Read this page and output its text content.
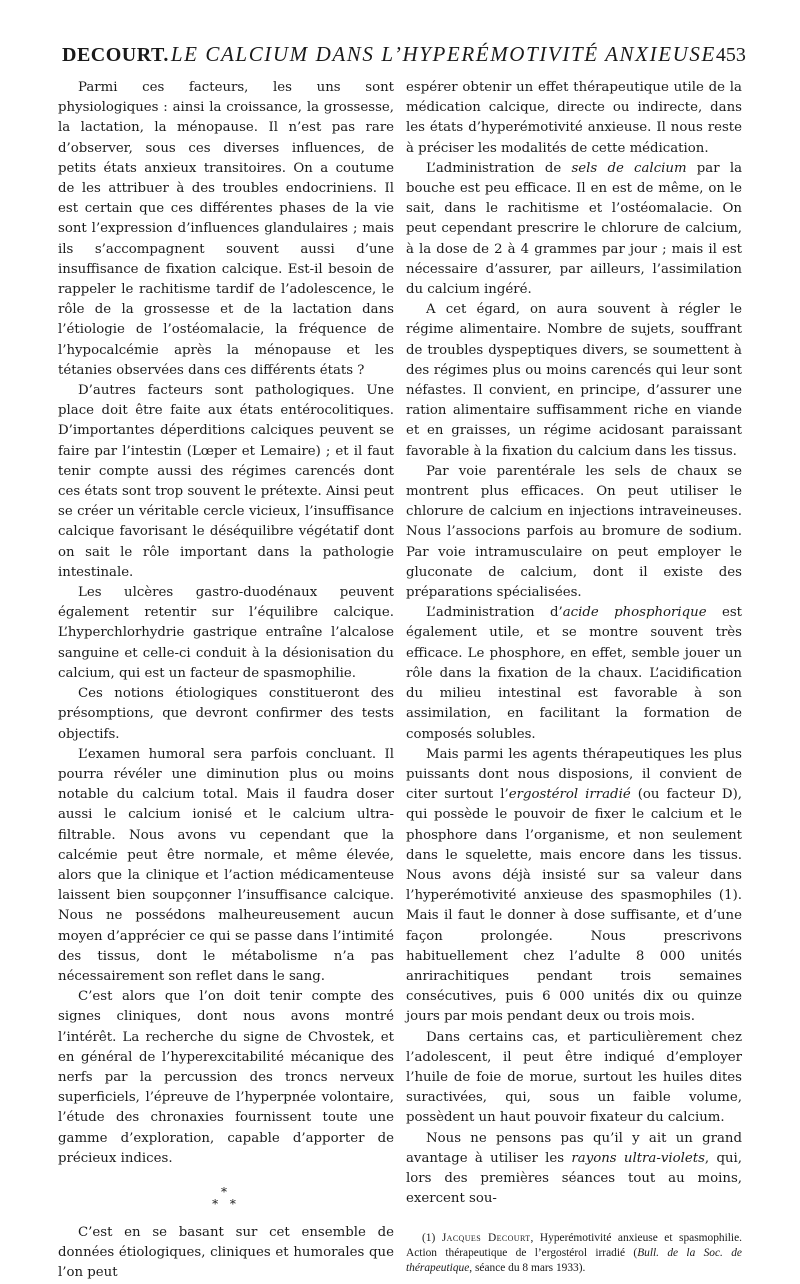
DECOURT. LE CALCIUM DANS L’HYPERÉMOTIVITÉ ANXIEUSE 453

Parmi ces facteurs, les uns sont physiologiques : ainsi la croissance, la grossesse, la lactation, la ménopause. Il n’est pas rare d’observer, sous ces diverses influences, de petits états anxieux transitoires. On a coutume de les attribuer à des troubles endocriniens. Il est certain que ces différentes phases de la vie sont l’expression d’influences glandulaires ; mais ils s’accompagnent souvent aussi d’une insuffisance de fixation calcique. Est-il besoin de rappeler le rachitisme tardif de l’adolescence, le rôle de la grossesse et de la lactation dans l’étiologie de l’ostéomalacie, la fréquence de l’hypocalcémie après la ménopause et les tétanies observées dans ces différents états ?

D’autres facteurs sont pathologiques. Une place doit être faite aux états entérocolitiques. D’importantes déperditions calciques peuvent se faire par l’intestin (Lœper et Lemaire) ; et il faut tenir compte aussi des régimes carencés dont ces états sont trop souvent le prétexte. Ainsi peut se créer un véritable cercle vicieux, l’insuffisance calcique favorisant le déséquilibre végétatif dont on sait le rôle important dans la pathologie intestinale.

Les ulcères gastro-duodénaux peuvent également retentir sur l’équilibre calcique. L’hyperchlorhydrie gastrique entraîne l’alcalose sanguine et celle-ci conduit à la désionisation du calcium, qui est un facteur de spasmophilie.

Ces notions étiologiques constitueront des présomptions, que devront confirmer des tests objectifs.

L’examen humoral sera parfois concluant. Il pourra révéler une diminution plus ou moins notable du calcium total. Mais il faudra doser aussi le calcium ionisé et le calcium ultra-filtrable. Nous avons vu cependant que la calcémie peut être normale, et même élevée, alors que la clinique et l’action médicamenteuse laissent bien soupçonner l’insuffisance calcique. Nous ne possédons malheureusement aucun moyen d’apprécier ce qui se passe dans l’intimité des tissus, dont le métabolisme n’a pas nécessairement son reflet dans le sang.

C’est alors que l’on doit tenir compte des signes cliniques, dont nous avons montré l’intérêt. La recherche du signe de Chvostek, et en général de l’hyperexcitabilité mécanique des nerfs par la percussion des troncs nerveux superficiels, l’épreuve de l’hyperpnée volontaire, l’étude des chronaxies fournissent toute une gamme d’exploration, capable d’apporter de précieux indices.

*
* *

C’est en se basant sur cet ensemble de données étiologiques, cliniques et humorales que l’on peut

espérer obtenir un effet thérapeutique utile de la médication calcique, directe ou indirecte, dans les états d’hyperémotivité anxieuse. Il nous reste à préciser les modalités de cette médication.

L’administration de sels de calcium par la bouche est peu efficace. Il en est de même, on le sait, dans le rachitisme et l’ostéomalacie. On peut cependant prescrire le chlorure de calcium, à la dose de 2 à 4 grammes par jour ; mais il est nécessaire d’assurer, par ailleurs, l’assimilation du calcium ingéré.

A cet égard, on aura souvent à régler le régime alimentaire. Nombre de sujets, souffrant de troubles dyspeptiques divers, se soumettent à des régimes plus ou moins carencés qui leur sont néfastes. Il convient, en principe, d’assurer une ration alimentaire suffisamment riche en viande et en graisses, un régime acidosant paraissant favorable à la fixation du calcium dans les tissus.

Par voie parentérale les sels de chaux se montrent plus efficaces. On peut utiliser le chlorure de calcium en injections intraveineuses. Nous l’associons parfois au bromure de sodium. Par voie intramusculaire on peut employer le gluconate de calcium, dont il existe des préparations spécialisées.

L’administration d’acide phosphorique est également utile, et se montre souvent très efficace. Le phosphore, en effet, semble jouer un rôle dans la fixation de la chaux. L’acidification du milieu intestinal est favorable à son assimilation, en facilitant la formation de composés solubles.

Mais parmi les agents thérapeutiques les plus puissants dont nous disposions, il convient de citer surtout l’ergostérol irradié (ou facteur D), qui possède le pouvoir de fixer le calcium et le phosphore dans l’organisme, et non seulement dans le squelette, mais encore dans les tissus. Nous avons déjà insisté sur sa valeur dans l’hyperémotivité anxieuse des spasmophiles (1). Mais il faut le donner à dose suffisante, et d’une façon prolongée. Nous prescrivons habituellement chez l’adulte 8 000 unités anrirachitiques pendant trois semaines consécutives, puis 6 000 unités dix ou quinze jours par mois pendant deux ou trois mois.

Dans certains cas, et particulièrement chez l’adolescent, il peut être indiqué d’employer l’huile de foie de morue, surtout les huiles dites suractivées, qui, sous un faible volume, possèdent un haut pouvoir fixateur du calcium.

Nous ne pensons pas qu’il y ait un grand avantage à utiliser les rayons ultra-violets, qui, lors des premières séances tout au moins, exercent sou-

(1) Jacques Decourt, Hyperémotivité anxieuse et spasmophilie. Action thérapeutique de l’ergostérol irradié (Bull. de la Soc. de thérapeutique, séance du 8 mars 1933).
